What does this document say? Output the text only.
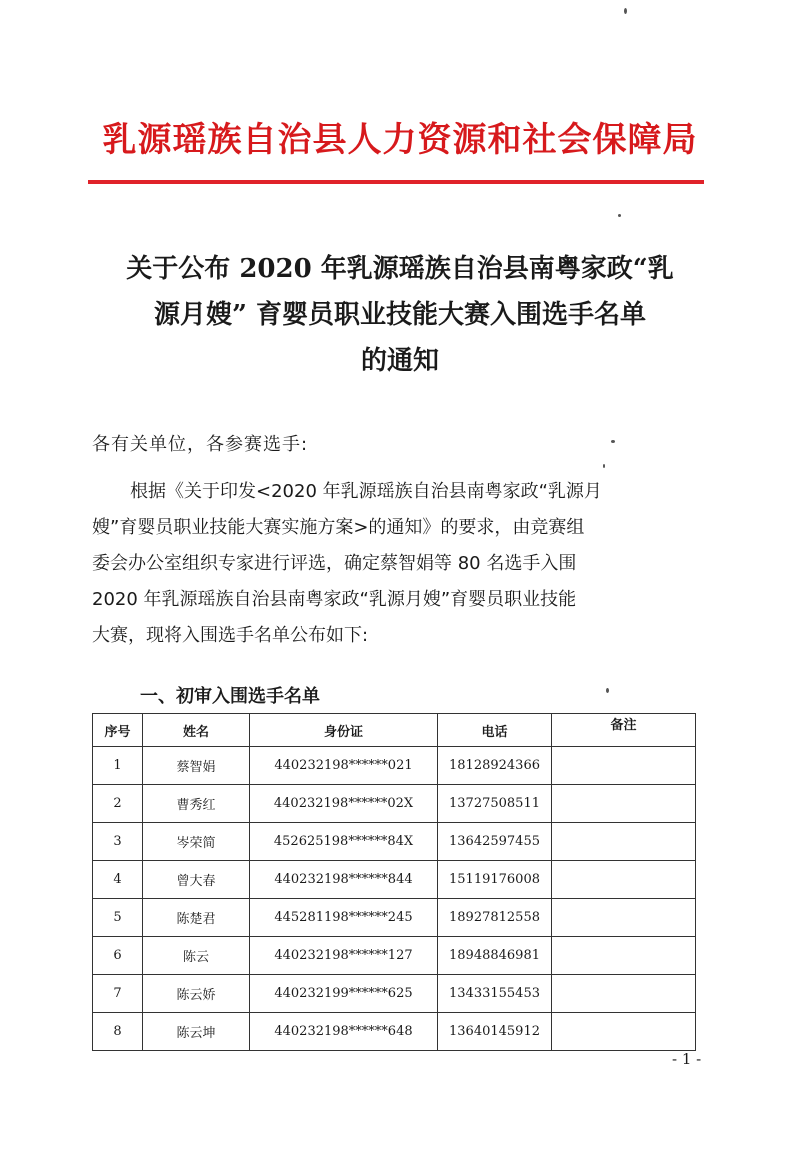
乳源瑶族自治县人力资源和社会保障局
关于公布 2020 年乳源瑶族自治县南粤家政“乳
源月嫂” 育婴员职业技能大赛入围选手名单
的通知
各有关单位，各参赛选手:
根据《关于印发<2020 年乳源瑶族自治县南粤家政“乳源月
嫂”育婴员职业技能大赛实施方案>的通知》的要求，由竞赛组
委会办公室组织专家进行评选，确定蔡智娟等 80 名选手入围
2020 年乳源瑶族自治县南粤家政“乳源月嫂”育婴员职业技能
大赛，现将入围选手名单公布如下:
一、初审入围选手名单
序号	姓名	身份证	电话	备注
1	蔡智娟	440232198******021	18128924366	
2	曹秀红	440232198******02X	13727508511	
3	岑荣简	452625198******84X	13642597455	
4	曾大春	440232198******844	15119176008	
5	陈楚君	445281198******245	18927812558	
6	陈云	440232198******127	18948846981	
7	陈云娇	440232199******625	13433155453	
8	陈云坤	440232198******648	13640145912	
- 1 -
